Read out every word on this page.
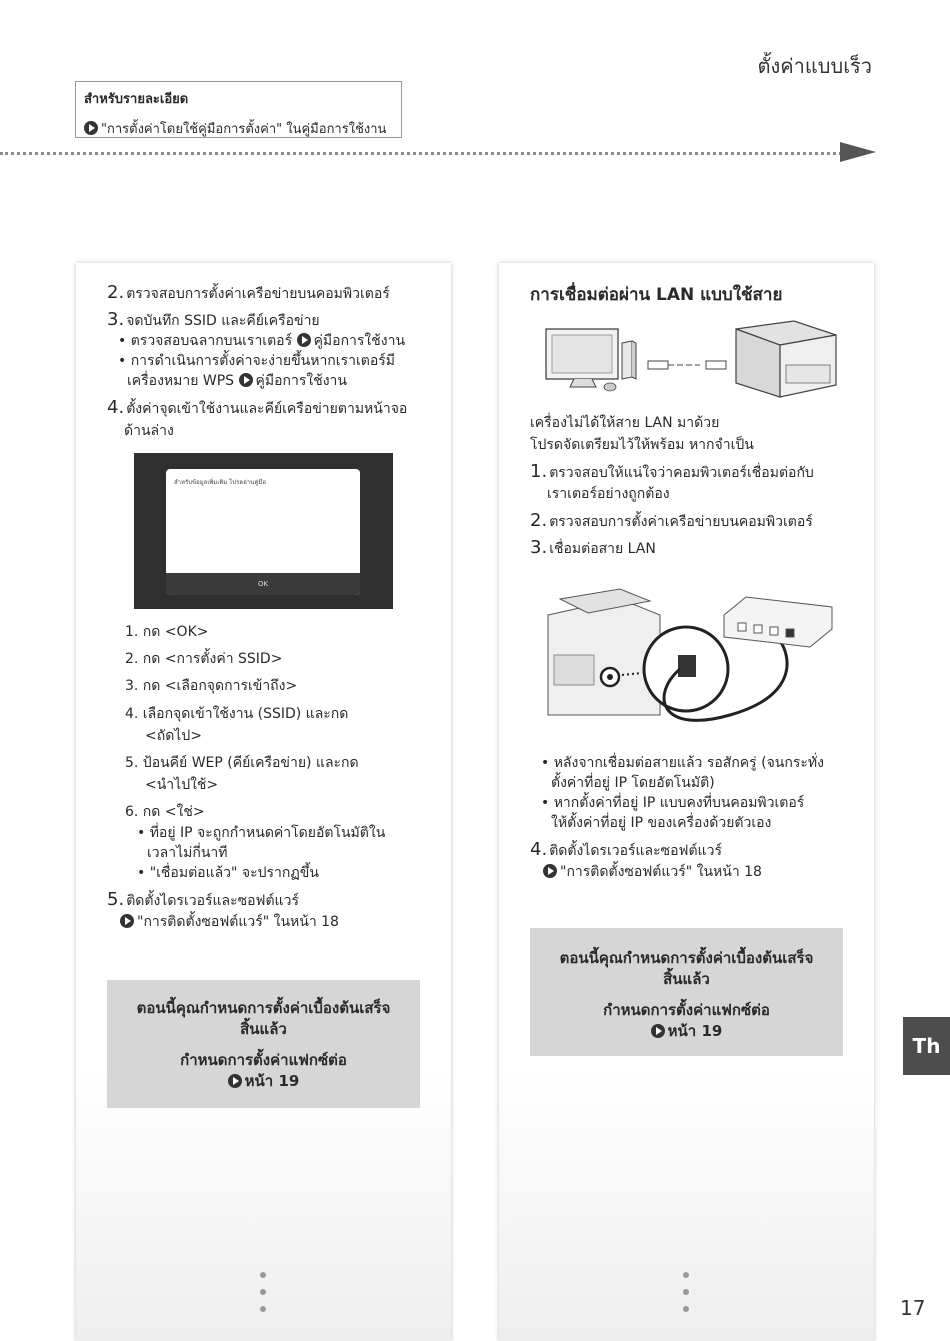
ตั้งค่าแบบเร็ว
สำหรับรายละเอียด
"การตั้งค่าโดยใช้คู่มือการตั้งค่า" ในคู่มือการใช้งาน
2. ตรวจสอบการตั้งค่าเครือข่ายบนคอมพิวเตอร์
3. จดบันทึก SSID และคีย์เครือข่าย
• ตรวจสอบฉลากบนเราเตอร์ คู่มือการใช้งาน
• การดำเนินการตั้งค่าจะง่ายขึ้นหากเราเตอร์มี
เครื่องหมาย WPS คู่มือการใช้งาน
4. ตั้งค่าจุดเข้าใช้งานและคีย์เครือข่ายตามหน้าจอ
ด้านล่าง
สำหรับข้อมูลเพิ่มเติม โปรดอ่านคู่มือ
OK
1. กด <OK>
2. กด <การตั้งค่า SSID>
3. กด <เลือกจุดการเข้าถึง>
4. เลือกจุดเข้าใช้งาน (SSID) และกด
<ถัดไป>
5. ป้อนคีย์ WEP (คีย์เครือข่าย) และกด
<นำไปใช้>
6. กด <ใช่>
• ที่อยู่ IP จะถูกกำหนดค่าโดยอัตโนมัติใน
เวลาไม่กี่นาที
• "เชื่อมต่อแล้ว" จะปรากฏขึ้น
5. ติดตั้งไดรเวอร์และซอฟต์แวร์
"การติดตั้งซอฟต์แวร์" ในหน้า 18

ตอนนี้คุณกำหนดการตั้งค่าเบื้องต้นเสร็จ

สิ้นแล้ว

กำหนดการตั้งค่าแฟกซ์ต่อ

หน้า 19

การเชื่อมต่อผ่าน LAN แบบใช้สาย
เครื่องไม่ได้ให้สาย LAN มาด้วย
โปรดจัดเตรียมไว้ให้พร้อม หากจำเป็น
1. ตรวจสอบให้แน่ใจว่าคอมพิวเตอร์เชื่อมต่อกับ
เราเตอร์อย่างถูกต้อง
2. ตรวจสอบการตั้งค่าเครือข่ายบนคอมพิวเตอร์
3. เชื่อมต่อสาย LAN
• หลังจากเชื่อมต่อสายแล้ว รอสักครู่ (จนกระทั่ง
ตั้งค่าที่อยู่ IP โดยอัตโนมัติ)
• หากตั้งค่าที่อยู่ IP แบบคงที่บนคอมพิวเตอร์
ให้ตั้งค่าที่อยู่ IP ของเครื่องด้วยตัวเอง
4. ติดตั้งไดรเวอร์และซอฟต์แวร์
"การติดตั้งซอฟต์แวร์" ในหน้า 18

ตอนนี้คุณกำหนดการตั้งค่าเบื้องต้นเสร็จ

สิ้นแล้ว

กำหนดการตั้งค่าแฟกซ์ต่อ

หน้า 19

Th
17
